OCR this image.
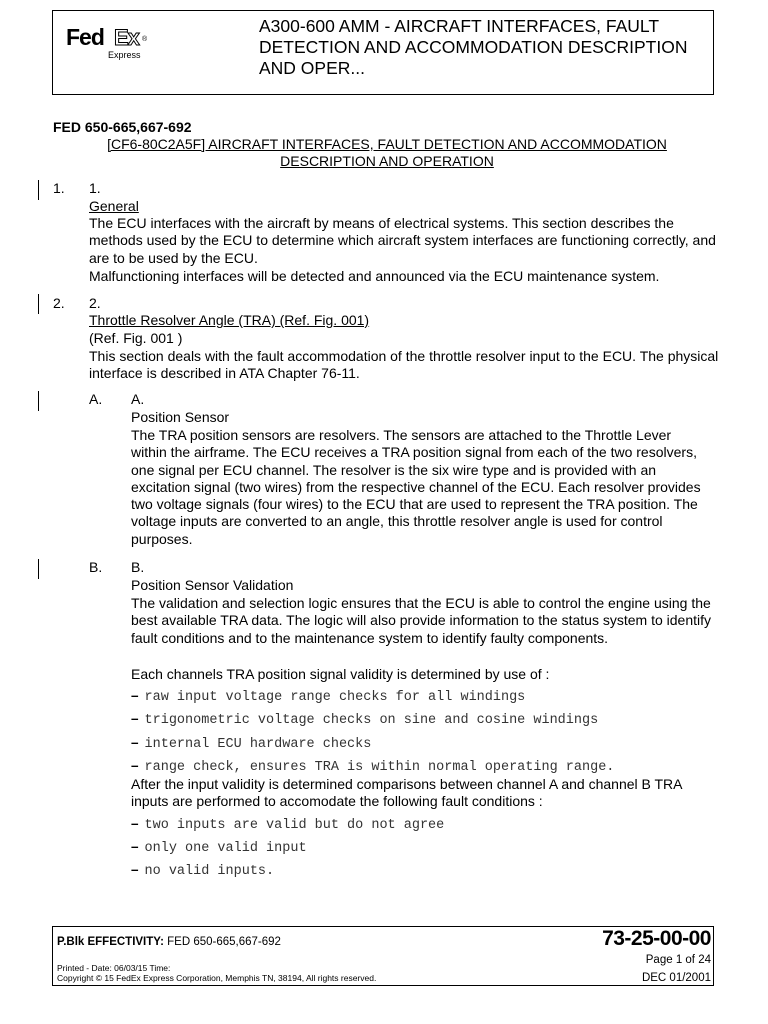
Fed Ex ®
Express
A300-600 AMM - AIRCRAFT INTERFACES, FAULT DETECTION AND ACCOMMODATION DESCRIPTION AND OPER...
FED 650-665,667-692
[CF6-80C2A5F] AIRCRAFT INTERFACES, FAULT DETECTION AND ACCOMMODATION DESCRIPTION AND OPERATION
1. 1.
General
The ECU interfaces with the aircraft by means of electrical systems. This section describes the methods used by the ECU to determine which aircraft system interfaces are functioning correctly, and are to be used by the ECU.
Malfunctioning interfaces will be detected and announced via the ECU maintenance system.
2. 2.
Throttle Resolver Angle (TRA) (Ref. Fig. 001)
(Ref. Fig. 001 )
This section deals with the fault accommodation of the throttle resolver input to the ECU. The physical interface is described in ATA Chapter 76-11.
A. A.
Position Sensor
The TRA position sensors are resolvers. The sensors are attached to the Throttle Lever within the airframe. The ECU receives a TRA position signal from each of the two resolvers, one signal per ECU channel. The resolver is the six wire type and is provided with an excitation signal (two wires) from the respective channel of the ECU. Each resolver provides two voltage signals (four wires) to the ECU that are used to represent the TRA position. The voltage inputs are converted to an angle, this throttle resolver angle is used for control purposes.
B. B.
Position Sensor Validation
The validation and selection logic ensures that the ECU is able to control the engine using the best available TRA data. The logic will also provide information to the status system to identify fault conditions and to the maintenance system to identify faulty components.
Each channels TRA position signal validity is determined by use of :
– raw input voltage range checks for all windings
– trigonometric voltage checks on sine and cosine windings
– internal ECU hardware checks
– range check, ensures TRA is within normal operating range.
After the input validity is determined comparisons between channel A and channel B TRA inputs are performed to accomodate the following fault conditions :
– two inputs are valid but do not agree
– only one valid input
– no valid inputs.
P.Blk EFFECTIVITY: FED 650-665,667-692
Printed - Date: 06/03/15 Time:
Copyright © 15 FedEx Express Corporation, Memphis TN, 38194, All rights reserved.
73-25-00-00
Page 1 of 24
DEC 01/2001
